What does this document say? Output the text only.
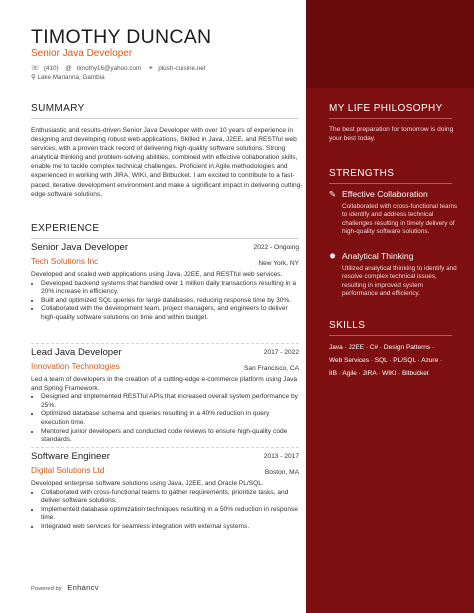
TIMOTHY DUNCAN
Senior Java Developer
☏ (410) @ timothy16@yahoo.com ⚭ plush-cuisine.net
⚲ Lake Marianna, Gambia
SUMMARY
Enthusiastic and results-driven Senior Java Developer with over 10 years of experience in designing and developing robust web applications. Skilled in Java, J2EE, and RESTful web services, with a proven track record of delivering high-quality software solutions. Strong analytical thinking and problem-solving abilities, combined with effective collaboration skills, enable me to tackle complex technical challenges. Proficient in Agile methodologies and experienced in working with JIRA, WIKI, and Bitbucket. I am excited to contribute to a fast-paced, iterative development environment and make a significant impact in delivering cutting-edge software solutions.
EXPERIENCE
Senior Java Developer	2022 - Ongoing
Tech Solutions Inc	New York, NY
Developed and scaled web applications using Java, J2EE, and RESTful web services.
• Developed backend systems that handled over 1 million daily transactions resulting in a 20% increase in efficiency.
• Built and optimized SQL queries for large databases, reducing response time by 30%.
• Collaborated with the development team, project managers, and engineers to deliver high-quality software solutions on time and within budget.
Lead Java Developer	2017 - 2022
Innovation Technologies	San Francisco, CA
Led a team of developers in the creation of a cutting-edge e-commerce platform using Java and Spring Framework.
• Designed and implemented RESTful APIs that increased overall system performance by 25%.
• Optimized database schema and queries resulting in a 40% reduction in query execution time.
• Mentored junior developers and conducted code reviews to ensure high-quality code standards.
Software Engineer	2013 - 2017
Digital Solutions Ltd	Boston, MA
Developed enterprise software solutions using Java, J2EE, and Oracle PL/SQL.
• Collaborated with cross-functional teams to gather requirements, prioritize tasks, and deliver software solutions.
• Implemented database optimization techniques resulting in a 50% reduction in response time.
• Integrated web services for seamless integration with external systems.
Powered by Enhancv
MY LIFE PHILOSOPHY
The best preparation for tomorrow is doing your best today.
STRENGTHS
✎ Effective Collaboration
Collaborated with cross-functional teams to identify and address technical challenges resulting in timely delivery of high-quality software solutions.
✹ Analytical Thinking
Utilized analytical thinking to identify and resolve complex technical issues, resulting in improved system performance and efficiency.
SKILLS
Java · J2EE · C# · Design Patterns ·
Web Services · SQL · PL/SQL · Azure ·
IIB · Agile · JIRA · WIKI · Bitbucket
